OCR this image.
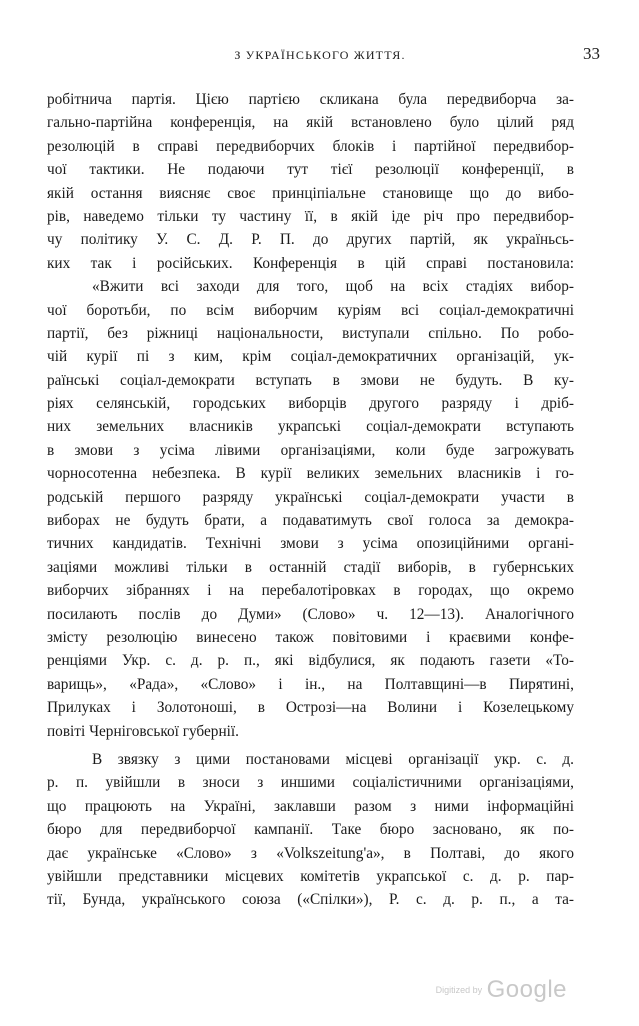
З УКРАЇНСЬКОГО ЖИТТЯ.	33
робітнича партія. Цією партією скликана була передвиборча за-
гально-партійна конференція, на якій встановлено було цілий ряд
резолюцій в справі передвиборчих блоків і партійної передвибор-
чої тактики. Не подаючи тут тієї резолюції конференції, в
якій остання виясняє своє принціпіальне становище що до вибо-
рів, наведемо тільки ту частину її, в якій іде річ про передвибор-
чу політику У. С. Д. Р. П. до других партій, як україньсь-
ких так і російських. Конференція в цій справі постановила:
«Вжити всі заходи для того, щоб на всіх стадіях вибор-
чої боротьби, по всім виборчим куріям всі соціал-демократичні
партії, без ріжниці національности, виступали спільно. По робо-
чій курії пі з ким, крім соціал-демократичних організацій, ук-
раїнські соціал-демократи вступать в змови не будуть. В ку-
ріях селянській, городських виборців другого разряду і дріб-
них земельних власників украпські соціал-демократи вступають
в змови з усіма лівими організаціями, коли буде загрожувать
чорносотенна небезпека. В курії великих земельних власників і го-
родській першого разряду українські соціал-демократи участи в
виборах не будуть брати, а подаватимуть свої голоса за демокра-
тичних кандидатів. Технічні змови з усіма опозиційними органі-
заціями можливі тільки в останній стадії виборів, в губернських
виборчих зібраннях і на перебалотіровках в городах, що окремо
посилають послів до Думи» (Слово» ч. 12—13). Аналогічного
змісту резолюцію винесено також повітовими і краєвими конфе-
ренціями Укр. с. д. р. п., які відбулися, як подають газети «То-
варищь», «Рада», «Слово» і ін., на Полтавщині—в Пирятині,
Прилуках і Золотоноші, в Острозі—на Волини і Козелецькому
повіті Черніговської губернії.
В звязку з цими постановами місцеві організації укр. с. д.
р. п. увійшли в зноси з иншими соціалістичними організаціями,
що працюють на Україні, заклавши разом з ними інформаційні
бюро для передвиборчої кампанії. Таке бюро засновано, як по-
дає українське «Слово» з «Volkszeitung'а», в Полтаві, до якого
увійшли представники місцевих комітетів украпської с. д. р. пар-
тії, Бунда, українського союза («Спілки»), Р. с. д. р. п., а та-
Digitized by Google
